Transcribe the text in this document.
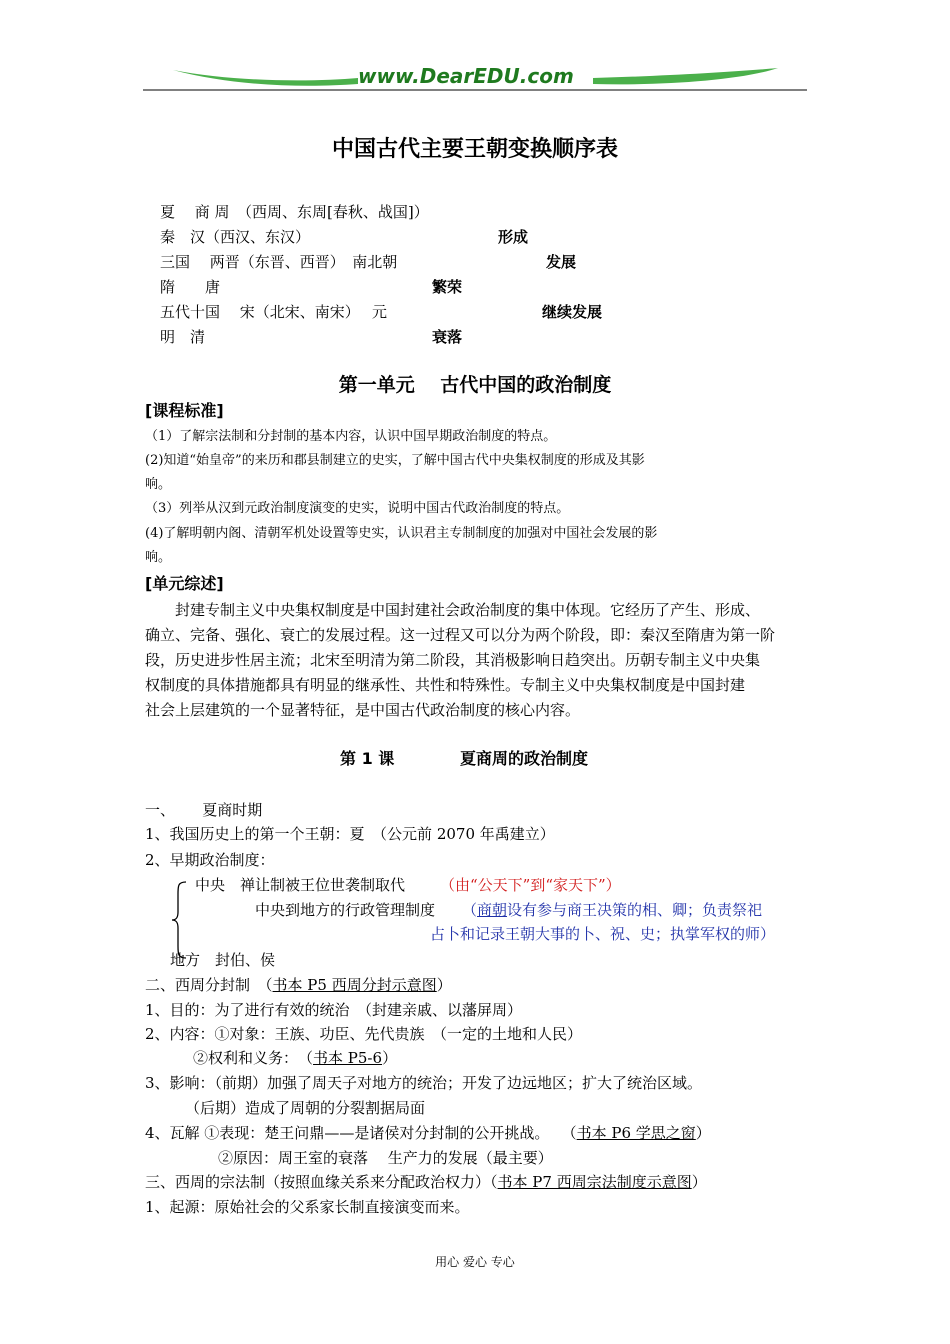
www.DearEDU.com
中国古代主要王朝变换顺序表
夏　 商 周　（西周、东周[春秋、战国]）
秦　汉（西汉、东汉）	形成
三国　 两晋（东晋、西晋）　南北朝	发展
隋　　唐	繁荣
五代十国　 宋（北宋、南宋）　 元	继续发展
明　清	衰落
第一单元　 古代中国的政治制度
[课程标准]
（1）了解宗法制和分封制的基本内容，认识中国早期政治制度的特点。
(2)知道“始皇帝”的来历和郡县制建立的史实，了解中国古代中央集权制度的形成及其影
响。
（3）列举从汉到元政治制度演变的史实，说明中国古代政治制度的特点。
(4)了解明朝内阁、清朝军机处设置等史实，认识君主专制制度的加强对中国社会发展的影
响。
[单元综述]
　　封建专制主义中央集权制度是中国封建社会政治制度的集中体现。它经历了产生、形成、
确立、完备、强化、衰亡的发展过程。这一过程又可以分为两个阶段，即：秦汉至隋唐为第一阶
段，历史进步性居主流；北宋至明清为第二阶段，其消极影响日趋突出。历朝专制主义中央集
权制度的具体措施都具有明显的继承性、共性和特殊性。专制主义中央集权制度是中国封建
社会上层建筑的一个显著特征，是中国古代政治制度的核心内容。
第 1 课	夏商周的政治制度
一、　　 夏商时期
1、我国历史上的第一个王朝：夏　（公元前 2070 年禹建立）
2、早期政治制度：
中央　禅让制被王位世袭制取代 （由“公天下”到“家天下”）
中央到地方的行政管理制度 （商朝设有参与商王决策的相、卿；负责祭祀
占卜和记录王朝大事的卜、祝、史；执掌军权的师）
地方　封伯、侯
二、西周分封制　（书本 P5 西周分封示意图）
1、目的：为了进行有效的统治　（封建亲戚、以藩屏周）
2、内容：①对象：王族、功臣、先代贵族　（一定的土地和人民）
②权利和义务：　（书本 P5-6）
3、影响：（前期）加强了周天子对地方的统治；开发了边远地区；扩大了统治区域。
（后期）造成了周朝的分裂割据局面
4、瓦解 ①表现：楚王问鼎——是诸侯对分封制的公开挑战。　 （书本 P6 学思之窗）
②原因：周王室的衰落　 生产力的发展（最主要）
三、西周的宗法制（按照血缘关系来分配政治权力）（书本 P7 西周宗法制度示意图）
1、起源：原始社会的父系家长制直接演变而来。
用心 爱心 专心
